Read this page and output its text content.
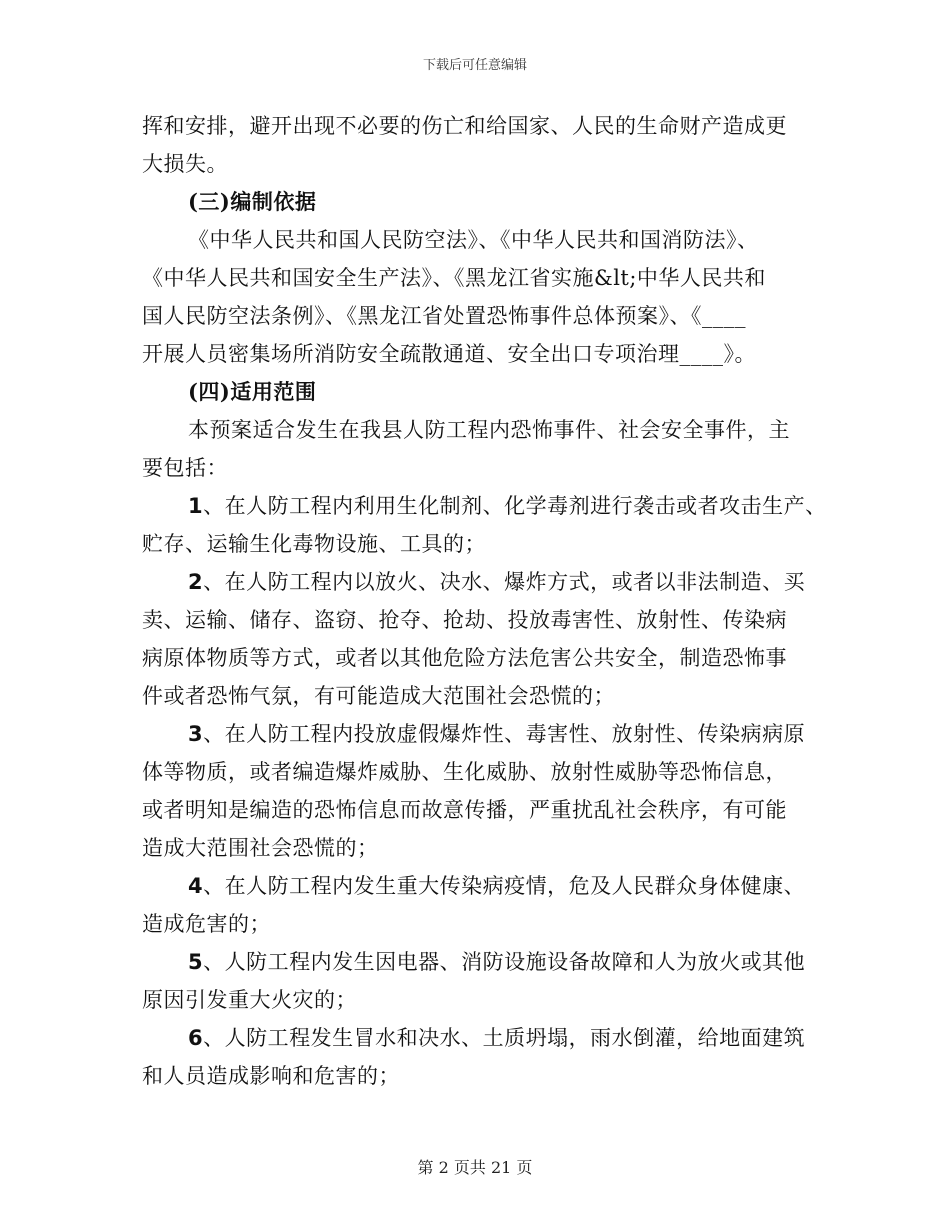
下载后可任意编辑

挥和安排，避开出现不必要的伤亡和给国家、人民的生命财产造成更

大损失。

(三)编制依据

《中华人民共和国人民防空法》、《中华人民共和国消防法》、

《中华人民共和国安全生产法》、《黑龙江省实施&lt;中华人民共和

国人民防空法条例》、《黑龙江省处置恐怖事件总体预案》、《____

开展人员密集场所消防安全疏散通道、安全出口专项治理____》。

(四)适用范围

本预案适合发生在我县人防工程内恐怖事件、社会安全事件，主

要包括：

1、在人防工程内利用生化制剂、化学毒剂进行袭击或者攻击生产、

贮存、运输生化毒物设施、工具的；

2、在人防工程内以放火、决水、爆炸方式，或者以非法制造、买

卖、运输、储存、盗窃、抢夺、抢劫、投放毒害性、放射性、传染病

病原体物质等方式，或者以其他危险方法危害公共安全，制造恐怖事

件或者恐怖气氛，有可能造成大范围社会恐慌的；

3、在人防工程内投放虚假爆炸性、毒害性、放射性、传染病病原

体等物质，或者编造爆炸威胁、生化威胁、放射性威胁等恐怖信息，

或者明知是编造的恐怖信息而故意传播，严重扰乱社会秩序，有可能

造成大范围社会恐慌的；

4、在人防工程内发生重大传染病疫情，危及人民群众身体健康、

造成危害的；

5、人防工程内发生因电器、消防设施设备故障和人为放火或其他

原因引发重大火灾的；

6、人防工程发生冒水和决水、土质坍塌，雨水倒灌，给地面建筑

和人员造成影响和危害的；

第 2 页共 21 页
